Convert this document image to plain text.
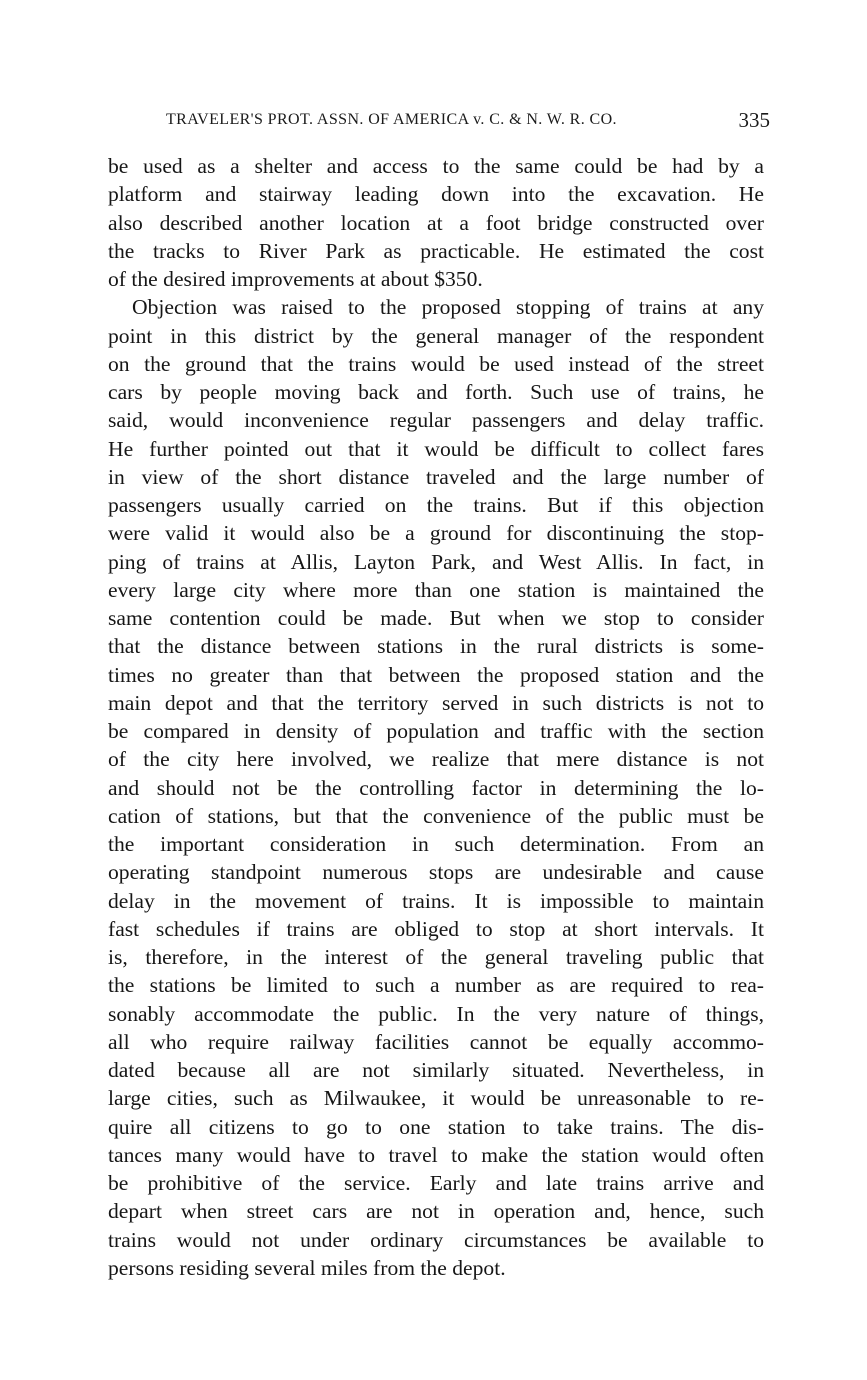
TRAVELER'S PROT. ASSN. OF AMERICA v. C. & N. W. R. CO.	335
be used as a shelter and access to the same could be had by a
platform and stairway leading down into the excavation. He
also described another location at a foot bridge constructed over
the tracks to River Park as practicable. He estimated the cost
of the desired improvements at about $350.
Objection was raised to the proposed stopping of trains at any
point in this district by the general manager of the respondent
on the ground that the trains would be used instead of the street
cars by people moving back and forth. Such use of trains, he
said, would inconvenience regular passengers and delay traffic.
He further pointed out that it would be difficult to collect fares
in view of the short distance traveled and the large number of
passengers usually carried on the trains. But if this objection
were valid it would also be a ground for discontinuing the stop-
ping of trains at Allis, Layton Park, and West Allis. In fact, in
every large city where more than one station is maintained the
same contention could be made. But when we stop to consider
that the distance between stations in the rural districts is some-
times no greater than that between the proposed station and the
main depot and that the territory served in such districts is not to
be compared in density of population and traffic with the section
of the city here involved, we realize that mere distance is not
and should not be the controlling factor in determining the lo-
cation of stations, but that the convenience of the public must be
the important consideration in such determination. From an
operating standpoint numerous stops are undesirable and cause
delay in the movement of trains. It is impossible to maintain
fast schedules if trains are obliged to stop at short intervals. It
is, therefore, in the interest of the general traveling public that
the stations be limited to such a number as are required to rea-
sonably accommodate the public. In the very nature of things,
all who require railway facilities cannot be equally accommo-
dated because all are not similarly situated. Nevertheless, in
large cities, such as Milwaukee, it would be unreasonable to re-
quire all citizens to go to one station to take trains. The dis-
tances many would have to travel to make the station would often
be prohibitive of the service. Early and late trains arrive and
depart when street cars are not in operation and, hence, such
trains would not under ordinary circumstances be available to
persons residing several miles from the depot.
